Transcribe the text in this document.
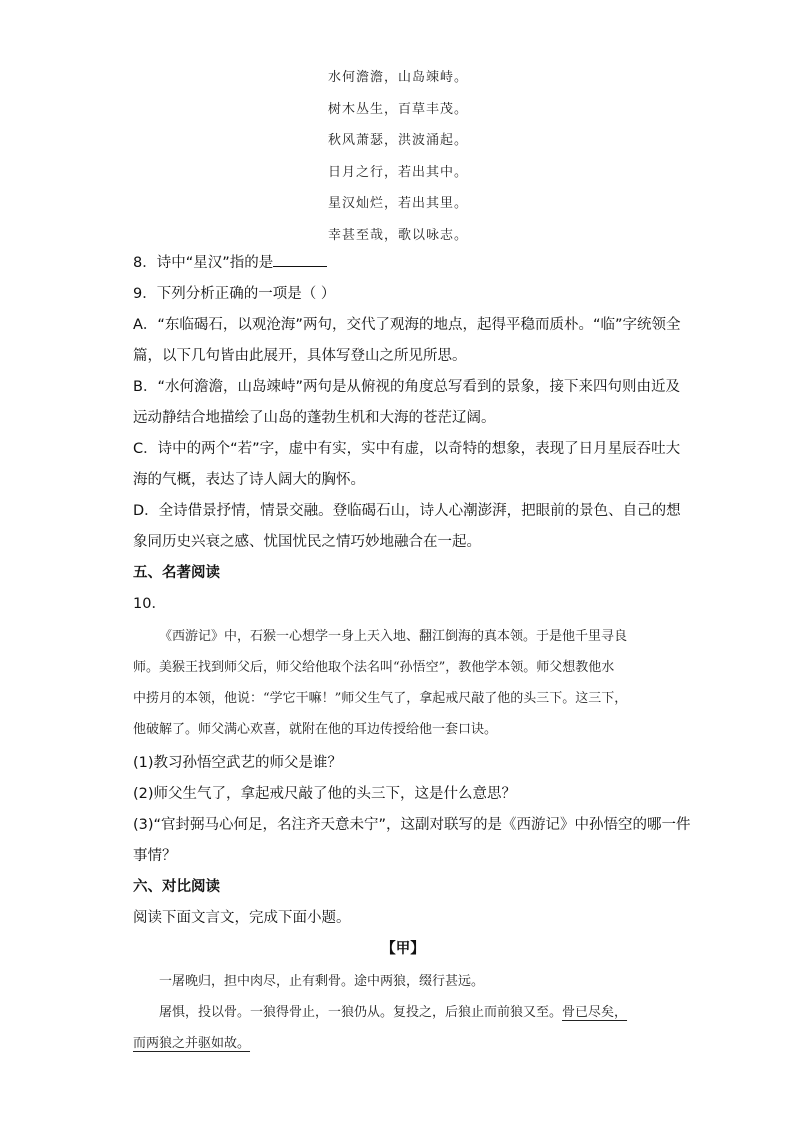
水何澹澹，山岛竦峙。
树木丛生，百草丰茂。
秋风萧瑟，洪波涌起。
日月之行，若出其中。
星汉灿烂，若出其里。
幸甚至哉，歌以咏志。
8．诗中“星汉”指的是
9．下列分析正确的一项是（ ）
A．“东临碣石，以观沧海”两句，交代了观海的地点，起得平稳而质朴。“临”字统领全
篇，以下几句皆由此展开，具体写登山之所见所思。
B．“水何澹澹，山岛竦峙”两句是从俯视的角度总写看到的景象，接下来四句则由近及
远动静结合地描绘了山岛的蓬勃生机和大海的苍茫辽阔。
C．诗中的两个“若”字，虚中有实，实中有虚，以奇特的想象，表现了日月星辰吞吐大
海的气概，表达了诗人阔大的胸怀。
D．全诗借景抒情，情景交融。登临碣石山，诗人心潮澎湃，把眼前的景色、自己的想
象同历史兴衰之感、忧国忧民之情巧妙地融合在一起。
五、名著阅读
10．
《西游记》中，石猴一心想学一身上天入地、翻江倒海的真本领。于是他千里寻良
师。美猴王找到师父后，师父给他取个法名叫“孙悟空”，教他学本领。师父想教他水
中捞月的本领，他说：“学它干嘛！”师父生气了，拿起戒尺敲了他的头三下。这三下，
他破解了。师父满心欢喜，就附在他的耳边传授给他一套口诀。
(1)教习孙悟空武艺的师父是谁？
(2)师父生气了，拿起戒尺敲了他的头三下，这是什么意思？
(3)“官封弼马心何足，名注齐天意未宁”，这副对联写的是《西游记》中孙悟空的哪一件
事情？
六、对比阅读
阅读下面文言文，完成下面小题。
【甲】
一屠晚归，担中肉尽，止有剩骨。途中两狼，缀行甚远。
屠惧，投以骨。一狼得骨止，一狼仍从。复投之，后狼止而前狼又至。骨已尽矣，
而两狼之并驱如故。
